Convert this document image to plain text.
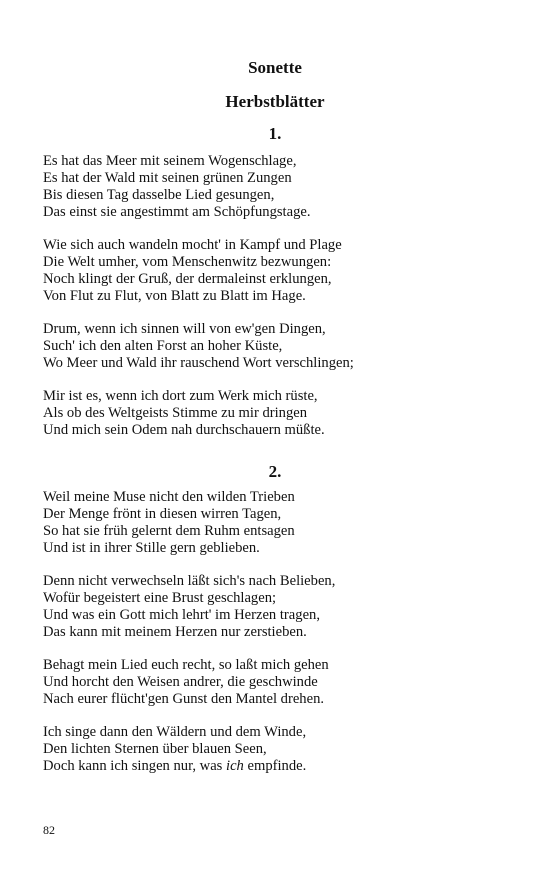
Sonette
Herbstblätter
1.
Es hat das Meer mit seinem Wogenschlage,
Es hat der Wald mit seinen grünen Zungen
Bis diesen Tag dasselbe Lied gesungen,
Das einst sie angestimmt am Schöpfungstage.
Wie sich auch wandeln mocht' in Kampf und Plage
Die Welt umher, vom Menschenwitz bezwungen:
Noch klingt der Gruß, der dermaleinst erklungen,
Von Flut zu Flut, von Blatt zu Blatt im Hage.
Drum, wenn ich sinnen will von ew'gen Dingen,
Such' ich den alten Forst an hoher Küste,
Wo Meer und Wald ihr rauschend Wort verschlingen;
Mir ist es, wenn ich dort zum Werk mich rüste,
Als ob des Weltgeists Stimme zu mir dringen
Und mich sein Odem nah durchschauern müßte.
2.
Weil meine Muse nicht den wilden Trieben
Der Menge frönt in diesen wirren Tagen,
So hat sie früh gelernt dem Ruhm entsagen
Und ist in ihrer Stille gern geblieben.
Denn nicht verwechseln läßt sich's nach Belieben,
Wofür begeistert eine Brust geschlagen;
Und was ein Gott mich lehrt' im Herzen tragen,
Das kann mit meinem Herzen nur zerstieben.
Behagt mein Lied euch recht, so laßt mich gehen
Und horcht den Weisen andrer, die geschwinde
Nach eurer flücht'gen Gunst den Mantel drehen.
Ich singe dann den Wäldern und dem Winde,
Den lichten Sternen über blauen Seen,
Doch kann ich singen nur, was ich empfinde.
82
